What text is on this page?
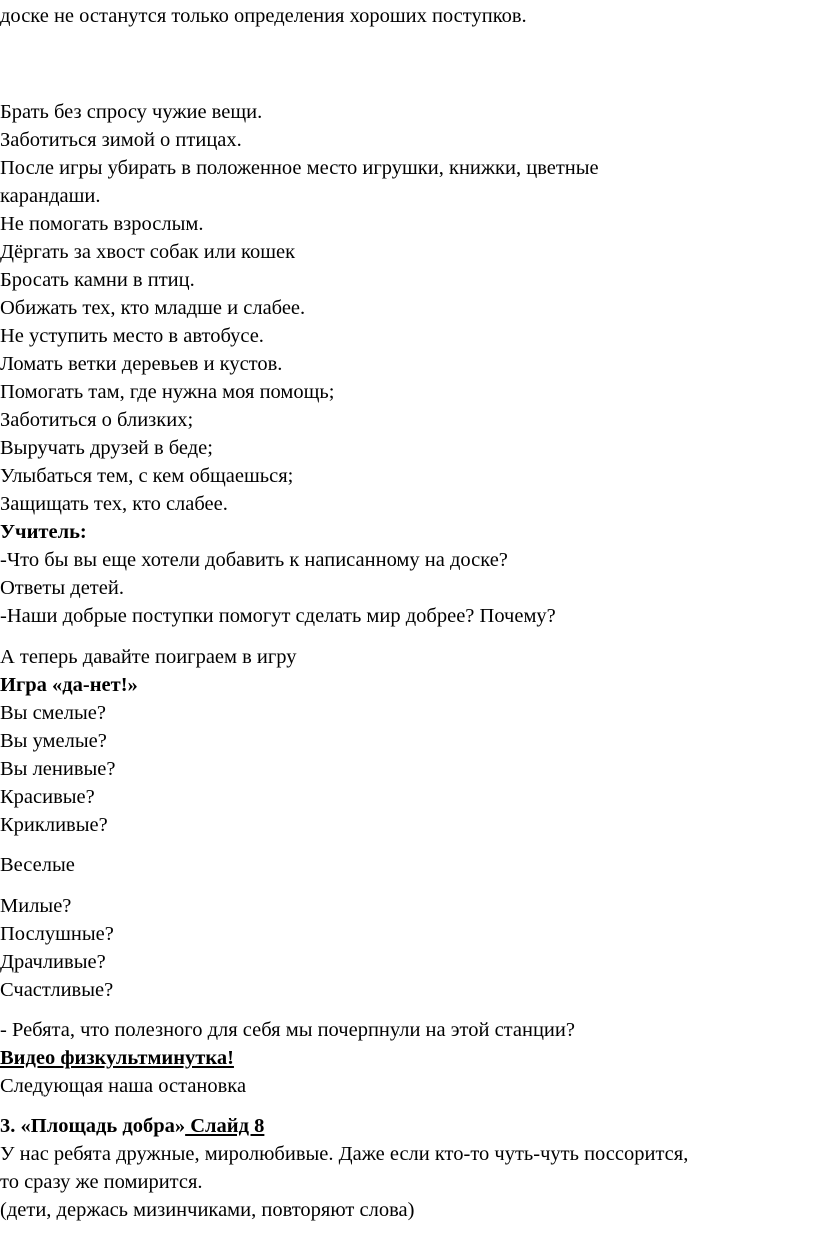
доске не останутся только определения хороших поступков.

Брать без спросу чужие вещи.

Заботиться зимой о птицах.

После игры убирать в положенное место игрушки, книжки, цветные

карандаши.

Не помогать взрослым.

Дёргать за хвост собак или кошек

Бросать камни в птиц.

Обижать тех, кто младше и слабее.

Не уступить место в автобусе.

Ломать ветки деревьев и кустов.

Помогать там, где нужна моя помощь;

Заботиться о близких;

Выручать друзей в беде;

Улыбаться тем, с кем общаешься;

Защищать тех, кто слабее.

Учитель:

-Что бы вы еще хотели добавить к написанному на доске?

Ответы детей.

-Наши добрые поступки помогут сделать мир добрее? Почему?

А теперь давайте поиграем в игру

Игра «да-нет!»

Вы смелые?

Вы умелые?

Вы ленивые?

Красивые?

Крикливые?

Веселые

Милые?

Послушные?

Драчливые?

Счастливые?

- Ребята, что полезного для себя мы почерпнули на этой станции?

Видео физкультминутка!

Следующая наша остановка

3. «Площадь добра» Слайд 8

У нас ребята дружные, миролюбивые. Даже если кто-то чуть-чуть поссорится,

то сразу же помирится.

(дети, держась мизинчиками, повторяют слова)
